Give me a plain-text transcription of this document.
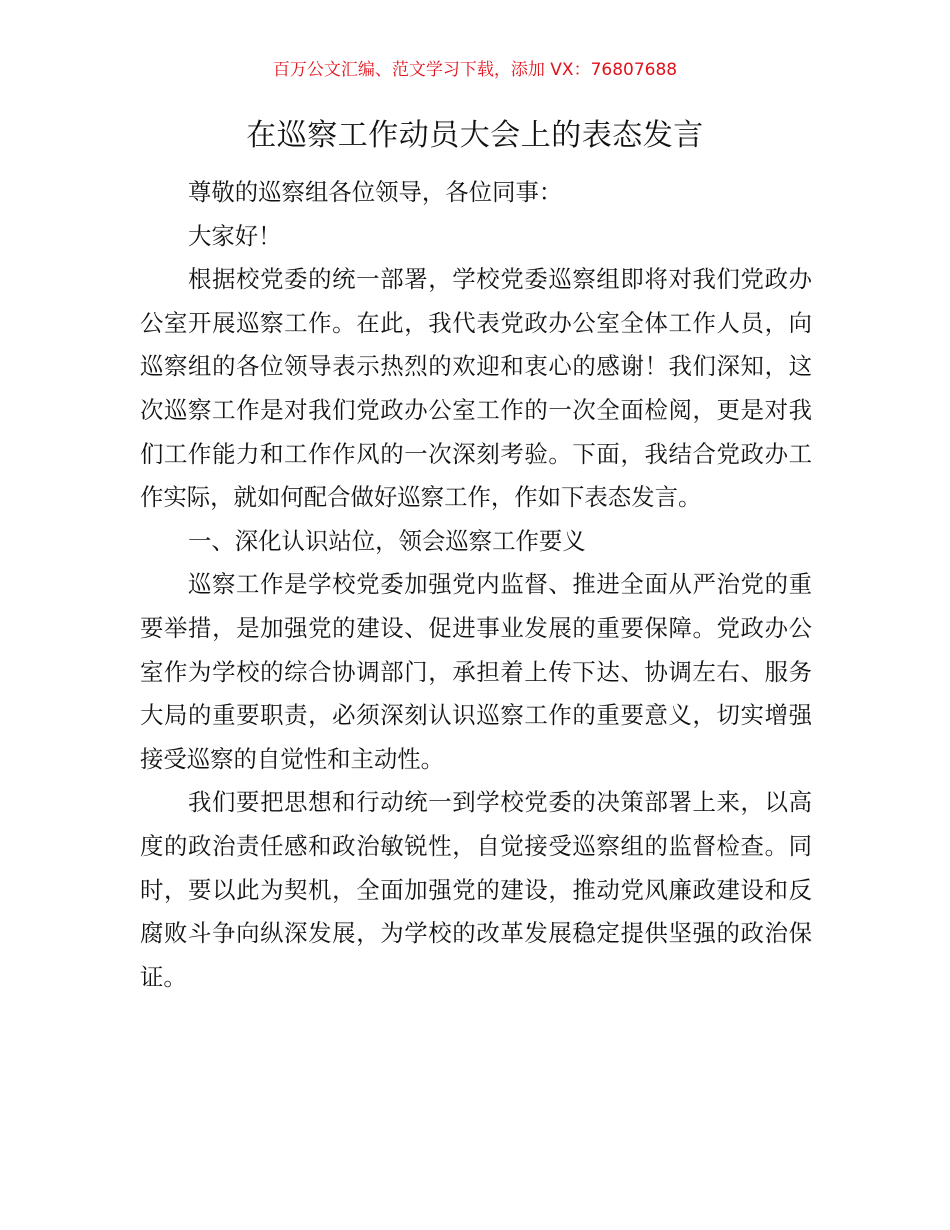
百万公文汇编、范文学习下载，添加 VX：76807688
在巡察工作动员大会上的表态发言

尊敬的巡察组各位领导，各位同事：

大家好！

根据校党委的统一部署，学校党委巡察组即将对我们党政办公室开展巡察工作。在此，我代表党政办公室全体工作人员，向巡察组的各位领导表示热烈的欢迎和衷心的感谢！我们深知，这次巡察工作是对我们党政办公室工作的一次全面检阅，更是对我们工作能力和工作作风的一次深刻考验。下面，我结合党政办工作实际，就如何配合做好巡察工作，作如下表态发言。

一、深化认识站位，领会巡察工作要义

巡察工作是学校党委加强党内监督、推进全面从严治党的重要举措，是加强党的建设、促进事业发展的重要保障。党政办公室作为学校的综合协调部门，承担着上传下达、协调左右、服务大局的重要职责，必须深刻认识巡察工作的重要意义，切实增强接受巡察的自觉性和主动性。

我们要把思想和行动统一到学校党委的决策部署上来，以高度的政治责任感和政治敏锐性，自觉接受巡察组的监督检查。同时，要以此为契机，全面加强党的建设，推动党风廉政建设和反腐败斗争向纵深发展，为学校的改革发展稳定提供坚强的政治保证。
